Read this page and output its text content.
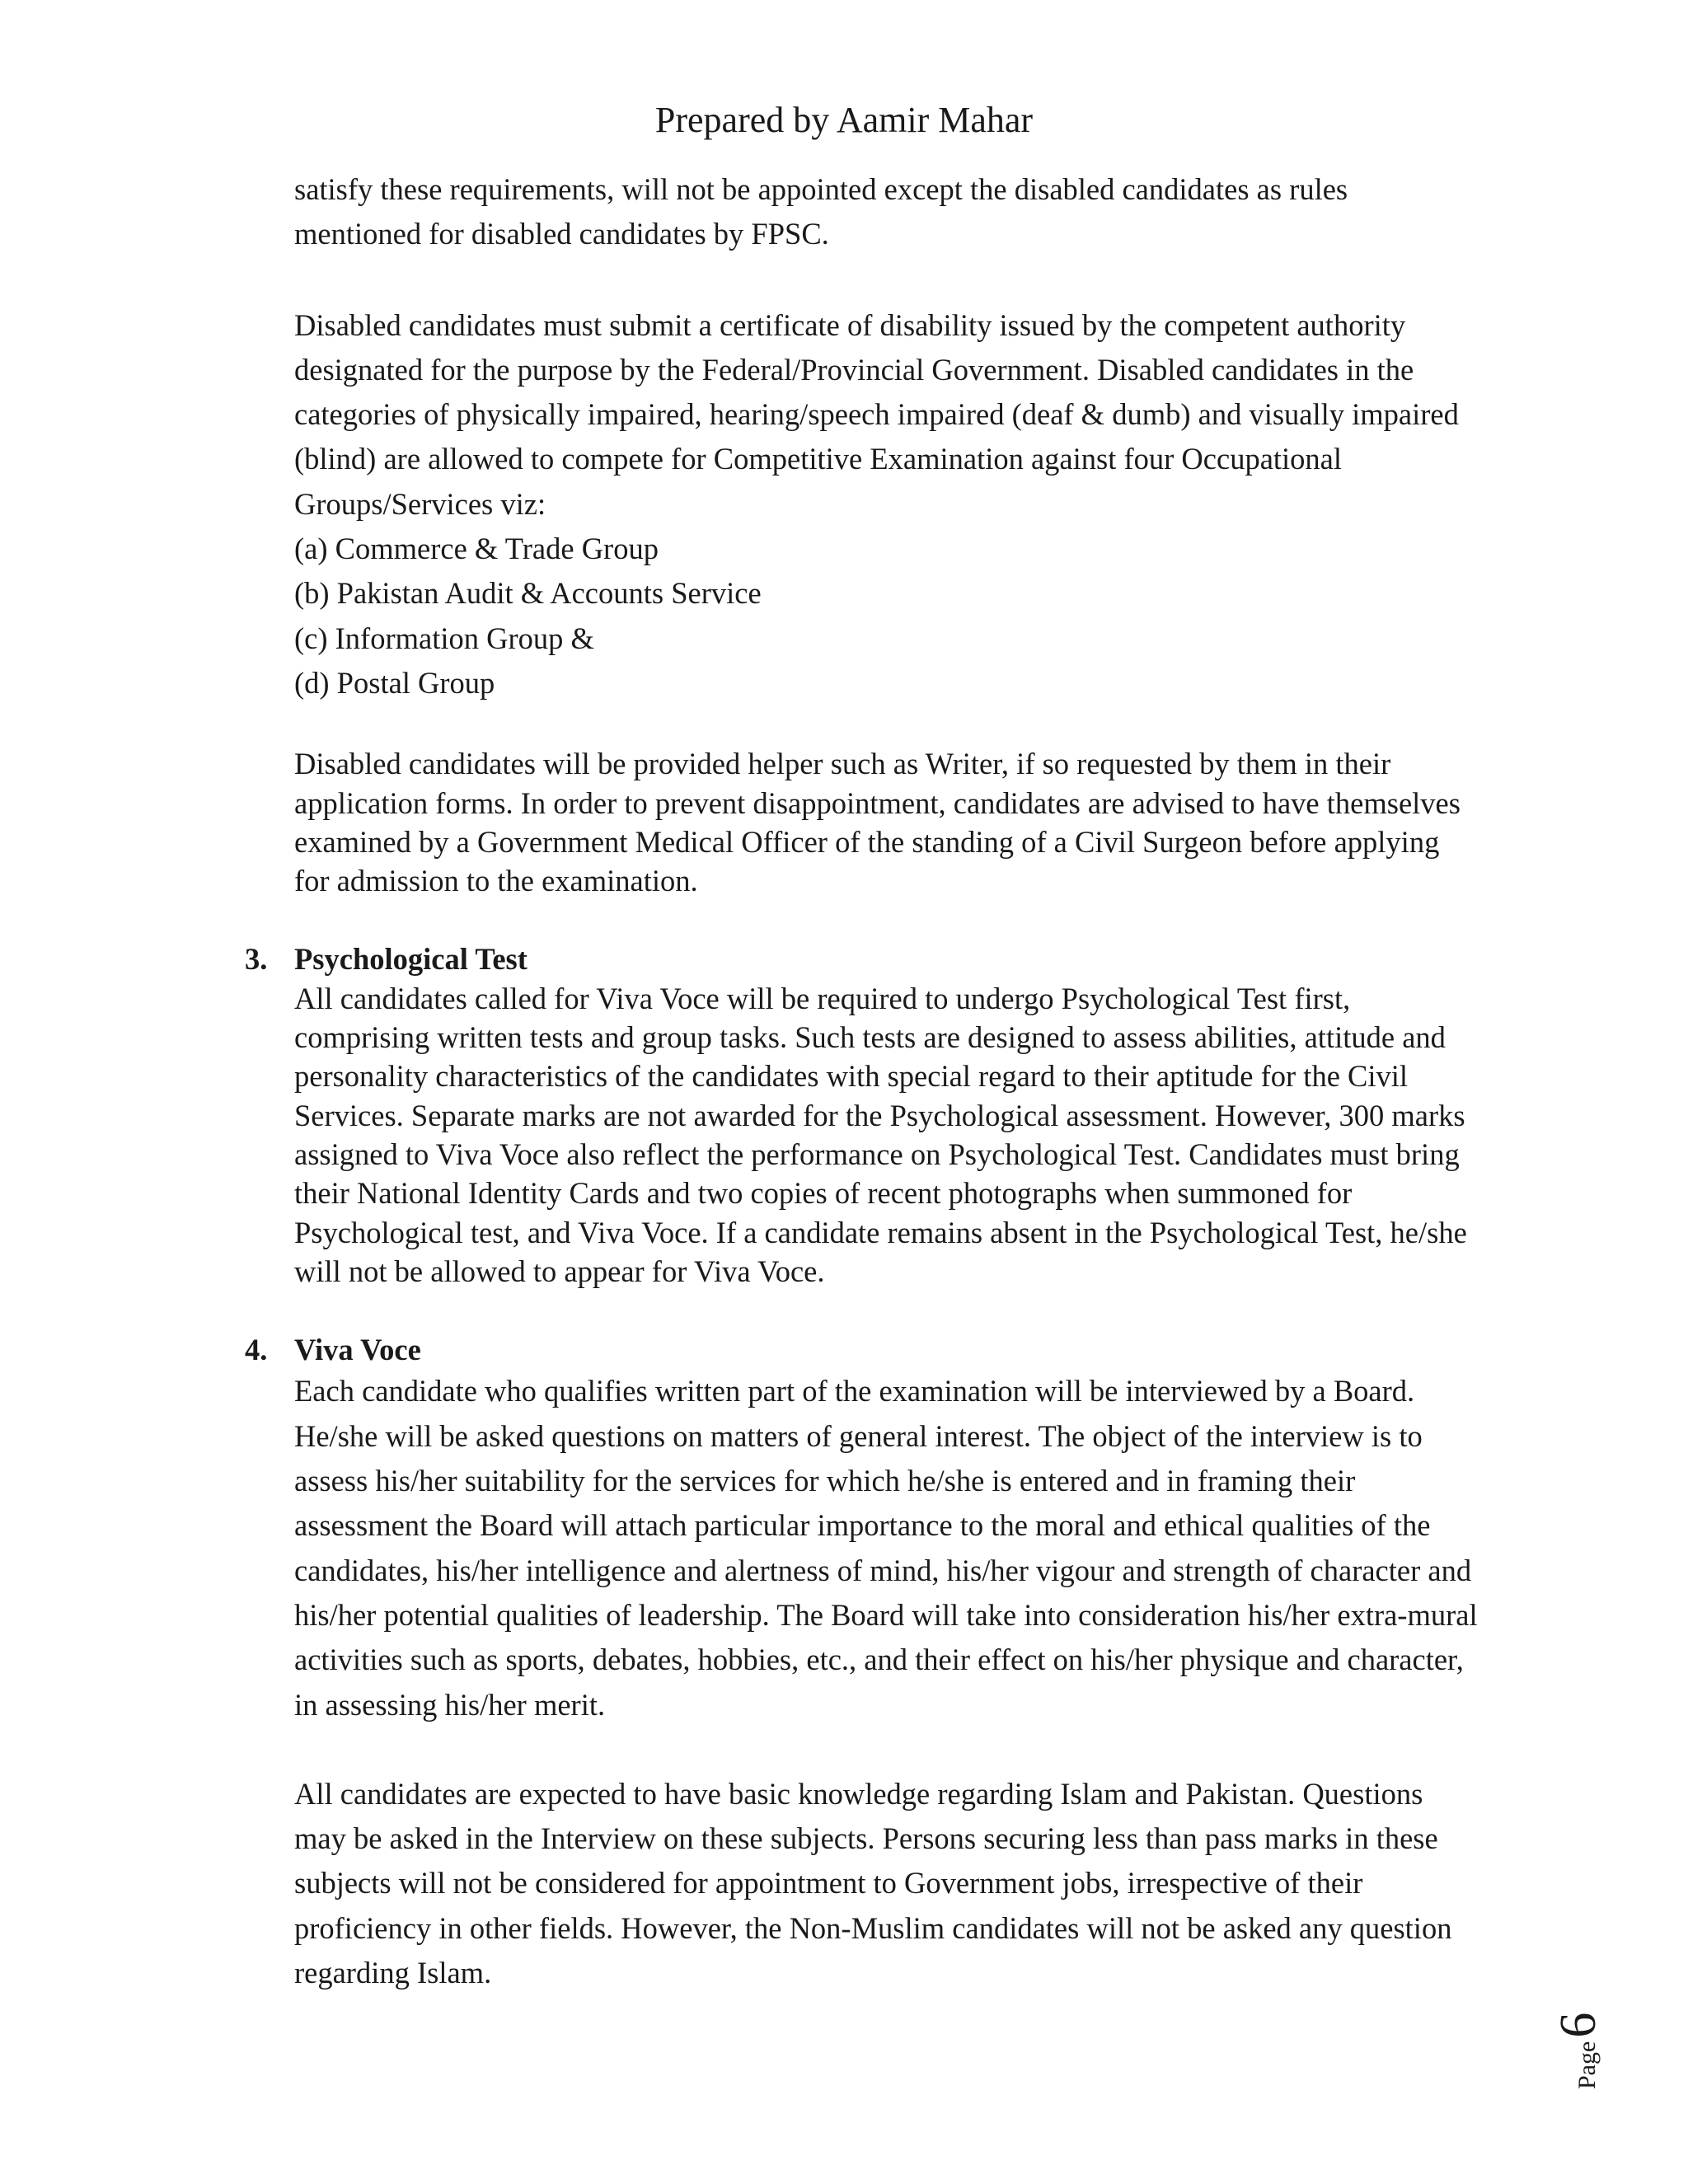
Prepared by Aamir Mahar

satisfy these requirements, will not be appointed except the disabled candidates as rules mentioned for disabled candidates by FPSC.

Disabled candidates must submit a certificate of disability issued by the competent authority designated for the purpose by the Federal/Provincial Government. Disabled candidates in the categories of physically impaired, hearing/speech impaired (deaf & dumb) and visually impaired (blind) are allowed to compete for Competitive Examination against four Occupational Groups/Services viz:

(a) Commerce & Trade Group

(b) Pakistan Audit & Accounts Service

(c) Information Group &

(d) Postal Group

Disabled candidates will be provided helper such as Writer, if so requested by them in their application forms. In order to prevent disappointment, candidates are advised to have themselves examined by a Government Medical Officer of the standing of a Civil Surgeon before applying for admission to the examination.

3. Psychological Test

All candidates called for Viva Voce will be required to undergo Psychological Test first, comprising written tests and group tasks. Such tests are designed to assess abilities, attitude and personality characteristics of the candidates with special regard to their aptitude for the Civil Services. Separate marks are not awarded for the Psychological assessment. However, 300 marks assigned to Viva Voce also reflect the performance on Psychological Test. Candidates must bring their National Identity Cards and two copies of recent photographs when summoned for Psychological test, and Viva Voce. If a candidate remains absent in the Psychological Test, he/she will not be allowed to appear for Viva Voce.

4. Viva Voce

Each candidate who qualifies written part of the examination will be interviewed by a Board. He/she will be asked questions on matters of general interest. The object of the interview is to assess his/her suitability for the services for which he/she is entered and in framing their assessment the Board will attach particular importance to the moral and ethical qualities of the candidates, his/her intelligence and alertness of mind, his/her vigour and strength of character and his/her potential qualities of leadership. The Board will take into consideration his/her extra-mural activities such as sports, debates, hobbies, etc., and their effect on his/her physique and character, in assessing his/her merit.

All candidates are expected to have basic knowledge regarding Islam and Pakistan. Questions may be asked in the Interview on these subjects. Persons securing less than pass marks in these subjects will not be considered for appointment to Government jobs, irrespective of their proficiency in other fields. However, the Non-Muslim candidates will not be asked any question regarding Islam.

Page6
